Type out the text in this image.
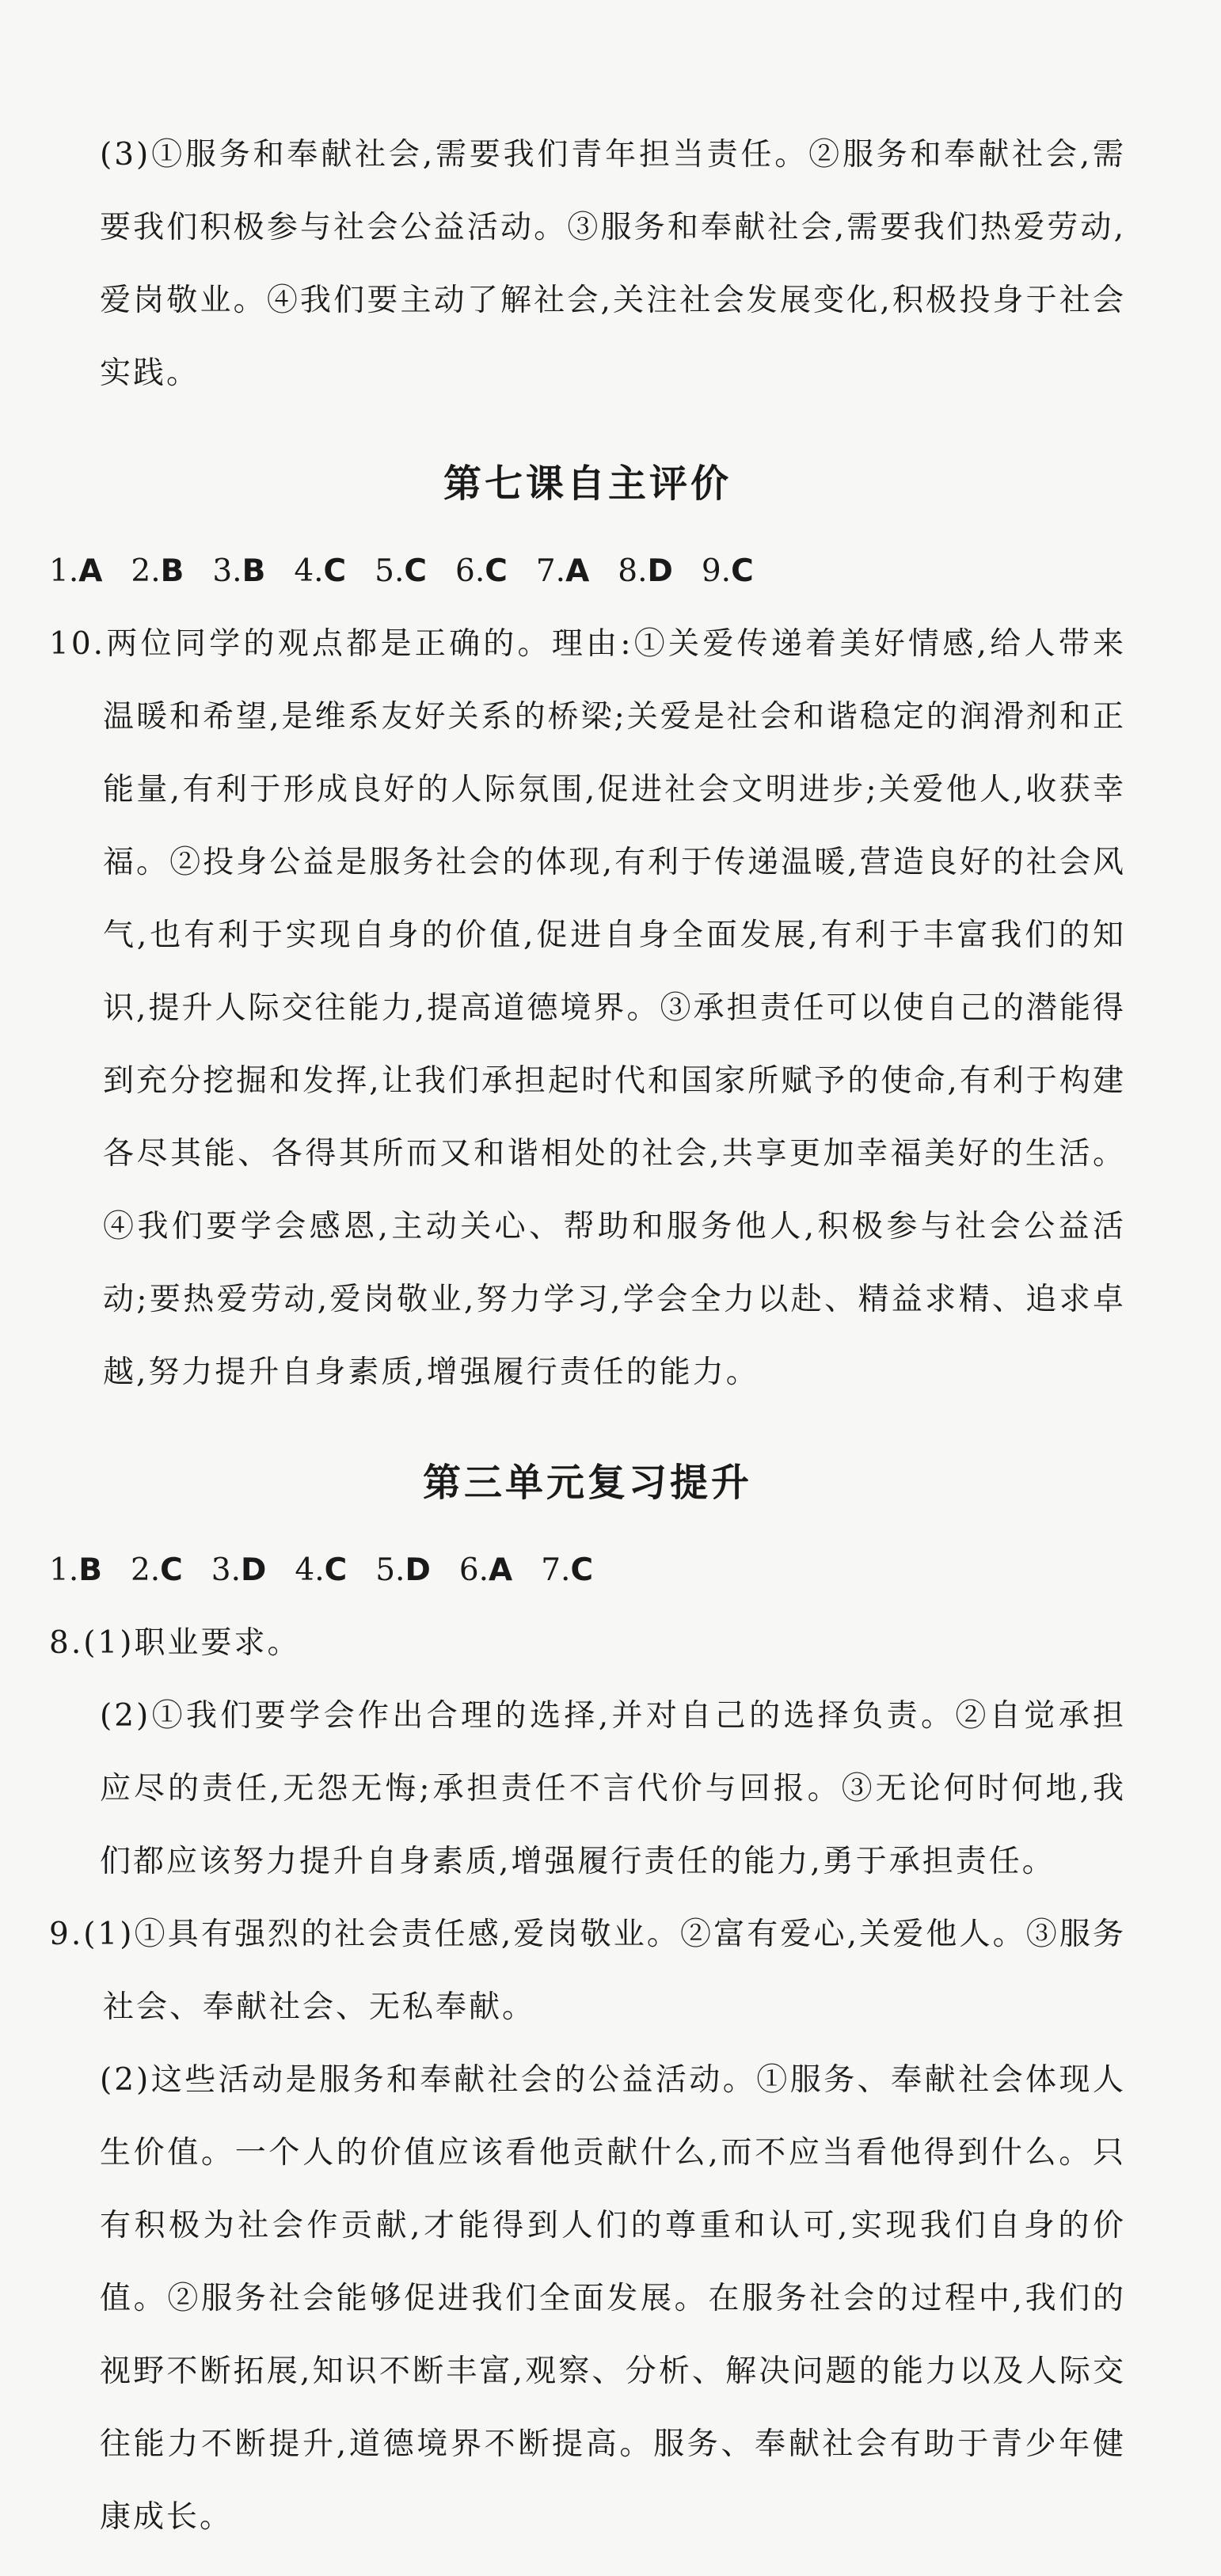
(3)①服务和奉献社会,需要我们青年担当责任。②服务和奉献社会,需要我们积极参与社会公益活动。③服务和奉献社会,需要我们热爱劳动,爱岗敬业。④我们要主动了解社会,关注社会发展变化,积极投身于社会实践。

第七课自主评价
1.A 2.B 3.B 4.C 5.C 6.C 7.A 8.D 9.C

10.两位同学的观点都是正确的。理由:①关爱传递着美好情感,给人带来温暖和希望,是维系友好关系的桥梁;关爱是社会和谐稳定的润滑剂和正能量,有利于形成良好的人际氛围,促进社会文明进步;关爱他人,收获幸福。②投身公益是服务社会的体现,有利于传递温暖,营造良好的社会风气,也有利于实现自身的价值,促进自身全面发展,有利于丰富我们的知识,提升人际交往能力,提高道德境界。③承担责任可以使自己的潜能得到充分挖掘和发挥,让我们承担起时代和国家所赋予的使命,有利于构建各尽其能、各得其所而又和谐相处的社会,共享更加幸福美好的生活。④我们要学会感恩,主动关心、帮助和服务他人,积极参与社会公益活动;要热爱劳动,爱岗敬业,努力学习,学会全力以赴、精益求精、追求卓越,努力提升自身素质,增强履行责任的能力。

第三单元复习提升
1.B 2.C 3.D 4.C 5.D 6.A 7.C

8.(1)职业要求。

(2)①我们要学会作出合理的选择,并对自己的选择负责。②自觉承担应尽的责任,无怨无悔;承担责任不言代价与回报。③无论何时何地,我们都应该努力提升自身素质,增强履行责任的能力,勇于承担责任。

9.(1)①具有强烈的社会责任感,爱岗敬业。②富有爱心,关爱他人。③服务社会、奉献社会、无私奉献。

(2)这些活动是服务和奉献社会的公益活动。①服务、奉献社会体现人生价值。一个人的价值应该看他贡献什么,而不应当看他得到什么。只有积极为社会作贡献,才能得到人们的尊重和认可,实现我们自身的价值。②服务社会能够促进我们全面发展。在服务社会的过程中,我们的视野不断拓展,知识不断丰富,观察、分析、解决问题的能力以及人际交往能力不断提升,道德境界不断提高。服务、奉献社会有助于青少年健康成长。
